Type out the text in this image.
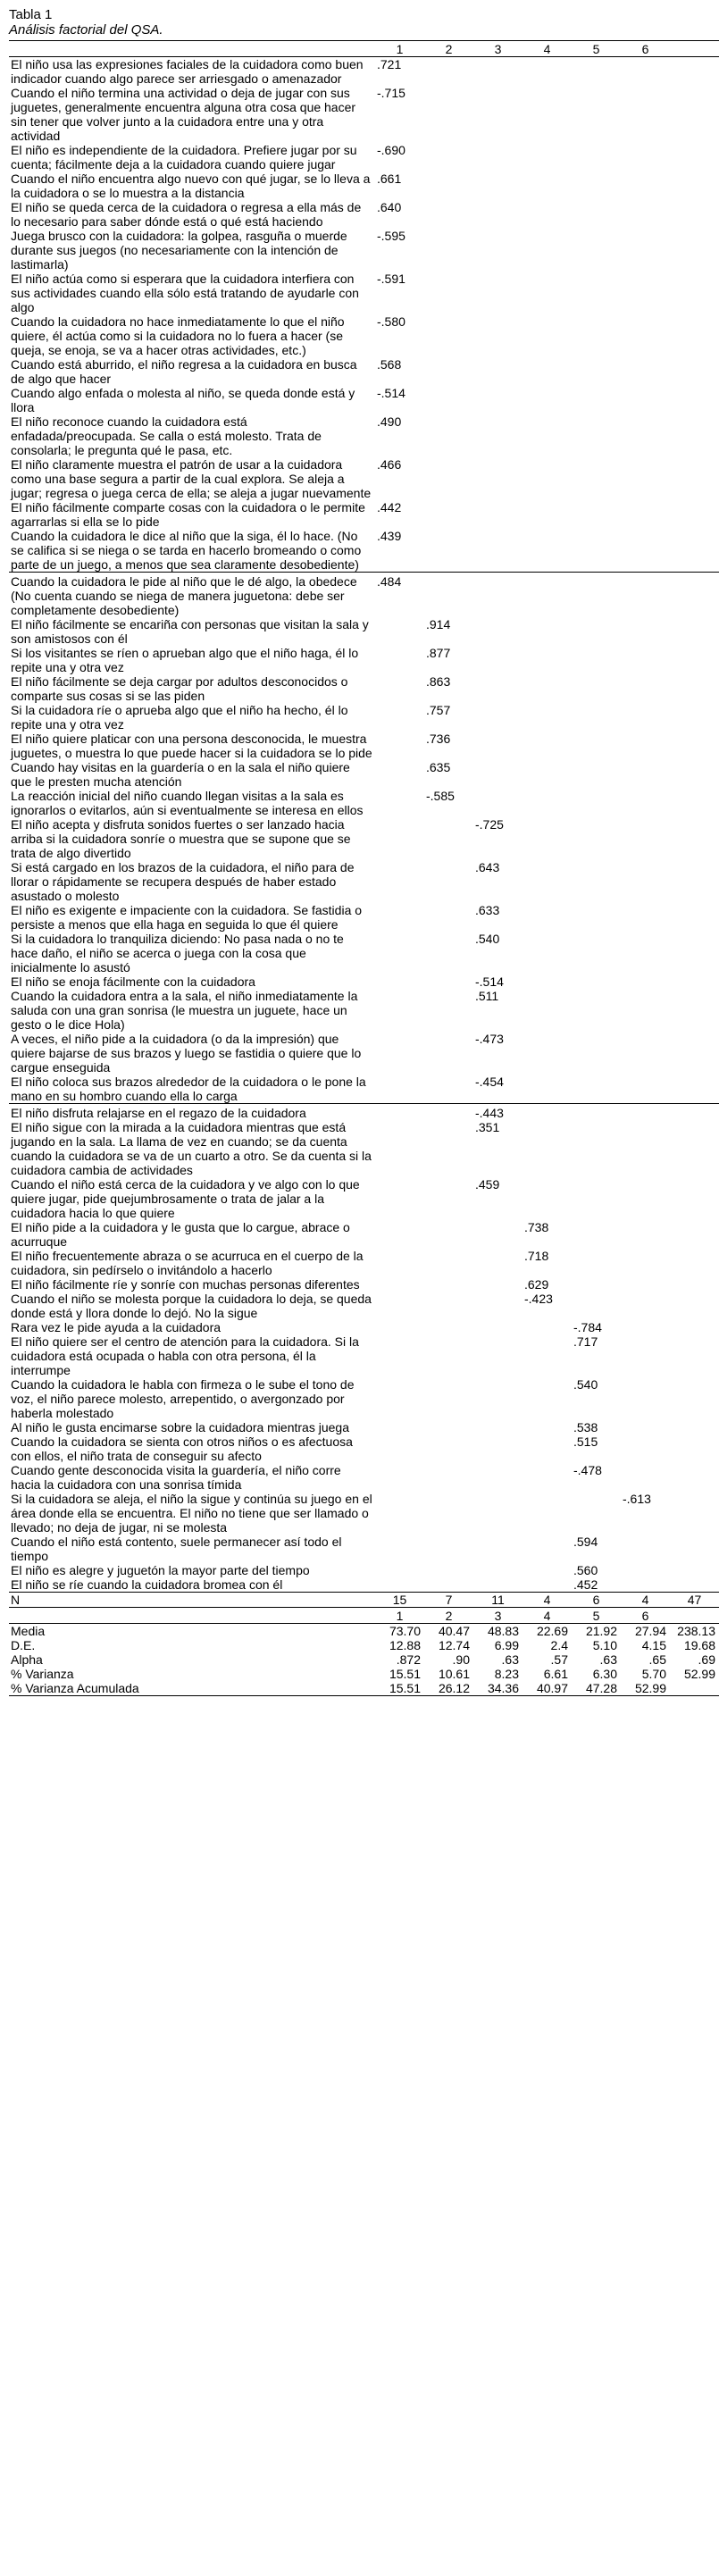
Tabla 1
Análisis factorial del QSA.
	1	2	3	4	5	6	
El niño usa las expresiones faciales de la cuidadora como buen indicador cuando algo parece ser arriesgado o amenazador	.721						
Cuando el niño termina una actividad o deja de jugar con sus juguetes, generalmente encuentra alguna otra cosa que hacer sin tener que volver junto a la cuidadora entre una y otra actividad	-.715						
El niño es independiente de la cuidadora. Prefiere jugar por su cuenta; fácilmente deja a la cuidadora cuando quiere jugar	-.690						
Cuando el niño encuentra algo nuevo con qué jugar, se lo lleva a la cuidadora o se lo muestra a la distancia	.661						
El niño se queda cerca de la cuidadora o regresa a ella más de lo necesario para saber dónde está o qué está haciendo	.640						
Juega brusco con la cuidadora: la golpea, rasguña o muerde durante sus juegos (no necesariamente con la intención de lastimarla)	-.595						
El niño actúa como si esperara que la cuidadora interfiera con sus actividades cuando ella sólo está tratando de ayudarle con algo	-.591						
Cuando la cuidadora no hace inmediatamente lo que el niño quiere, él actúa como si la cuidadora no lo fuera a hacer (se queja, se enoja, se va a hacer otras actividades, etc.)	-.580						
Cuando está aburrido, el niño regresa a la cuidadora en busca de algo que hacer	.568						
Cuando algo enfada o molesta al niño, se queda donde está y llora	-.514						
El niño reconoce cuando la cuidadora está enfadada/preocupada. Se calla o está molesto. Trata de consolarla; le pregunta qué le pasa, etc.	.490						
El niño claramente muestra el patrón de usar a la cuidadora como una base segura a partir de la cual explora. Se aleja a jugar; regresa o juega cerca de ella; se aleja a jugar nuevamente	.466						
El niño fácilmente comparte cosas con la cuidadora o le permite agarrarlas si ella se lo pide	.442						
Cuando la cuidadora le dice al niño que la siga, él lo hace. (No se califica si se niega o se tarda en hacerlo bromeando o como parte de un juego, a menos que sea claramente desobediente)	.439						
Cuando la cuidadora le pide al niño que le dé algo, la obedece (No cuenta cuando se niega de manera juguetona: debe ser completamente desobediente)	.484						
El niño fácilmente se encariña con personas que visitan la sala y son amistosos con él		.914					
Si los visitantes se ríen o aprueban algo que el niño haga, él lo repite una y otra vez		.877					
El niño fácilmente se deja cargar por adultos desconocidos o comparte sus cosas si se las piden		.863					
Si la cuidadora ríe o aprueba algo que el niño ha hecho, él lo repite una y otra vez		.757					
El niño quiere platicar con una persona desconocida, le muestra juguetes, o muestra lo que puede hacer si la cuidadora se lo pide		.736					
Cuando hay visitas en la guardería o en la sala el niño quiere que le presten mucha atención		.635					
La reacción inicial del niño cuando llegan visitas a la sala es ignorarlos o evitarlos, aún si eventualmente se interesa en ellos		-.585					
El niño acepta y disfruta sonidos fuertes o ser lanzado hacia arriba si la cuidadora sonríe o muestra que se supone que se trata de algo divertido			-.725				
Si está cargado en los brazos de la cuidadora, el niño para de llorar o rápidamente se recupera después de haber estado asustado o molesto			.643				
El niño es exigente e impaciente con la cuidadora. Se fastidia o persiste a menos que ella haga en seguida lo que él quiere			.633				
Si la cuidadora lo tranquiliza diciendo: No pasa nada o no te hace daño, el niño se acerca o juega con la cosa que inicialmente lo asustó			.540				
El niño se enoja fácilmente con la cuidadora			-.514				
Cuando la cuidadora entra a la sala, el niño inmediatamente la saluda con una gran sonrisa (le muestra un juguete, hace un gesto o le dice Hola)			.511				
A veces, el niño pide a la cuidadora (o da la impresión) que quiere bajarse de sus brazos y luego se fastidia o quiere que lo cargue enseguida			-.473				
El niño coloca sus brazos alrededor de la cuidadora o le pone la mano en su hombro cuando ella lo carga			-.454				
El niño disfruta relajarse en el regazo de la cuidadora			-.443				
El niño sigue con la mirada a la cuidadora mientras que está jugando en la sala. La llama de vez en cuando; se da cuenta cuando la cuidadora se va de un cuarto a otro. Se da cuenta si la cuidadora cambia de actividades			.351				
Cuando el niño está cerca de la cuidadora y ve algo con lo que quiere jugar, pide quejumbrosamente o trata de jalar a la cuidadora hacia lo que quiere			.459				
El niño pide a la cuidadora y le gusta que lo cargue, abrace o acurruque				.738			
El niño frecuentemente abraza o se acurruca en el cuerpo de la cuidadora, sin pedírselo o invitándolo a hacerlo				.718			
El niño fácilmente ríe y sonríe con muchas personas diferentes				.629			
Cuando el niño se molesta porque la cuidadora lo deja, se queda donde está y llora donde lo dejó. No la sigue				-.423			
Rara vez le pide ayuda a la cuidadora					-.784		
El niño quiere ser el centro de atención para la cuidadora. Si la cuidadora está ocupada o habla con otra persona, él la interrumpe					.717		
Cuando la cuidadora le habla con firmeza o le sube el tono de voz, el niño parece molesto, arrepentido, o avergonzado por haberla molestado					.540		
Al niño le gusta encimarse sobre la cuidadora mientras juega					.538		
Cuando la cuidadora se sienta con otros niños o es afectuosa con ellos, el niño trata de conseguir su afecto					.515		
Cuando gente desconocida visita la guardería, el niño corre hacia la cuidadora con una sonrisa tímida					-.478		
Si la cuidadora se aleja, el niño la sigue y continúa su juego en el área donde ella se encuentra. El niño no tiene que ser llamado o llevado; no deja de jugar, ni se molesta						-.613	
Cuando el niño está contento, suele permanecer así todo el tiempo					.594		
El niño es alegre y juguetón la mayor parte del tiempo					.560		
El niño se ríe cuando la cuidadora bromea con él					.452		
N	15	7	11	4	6	4	47
	1	2	3	4	5	6	
Media	73.70	40.47	48.83	22.69	21.92	27.94	238.13
D.E.	12.88	12.74	6.99	2.4	5.10	4.15	19.68
Alpha	.872	.90	.63	.57	.63	.65	.69
% Varianza	15.51	10.61	8.23	6.61	6.30	5.70	52.99
% Varianza Acumulada	15.51	26.12	34.36	40.97	47.28	52.99	
